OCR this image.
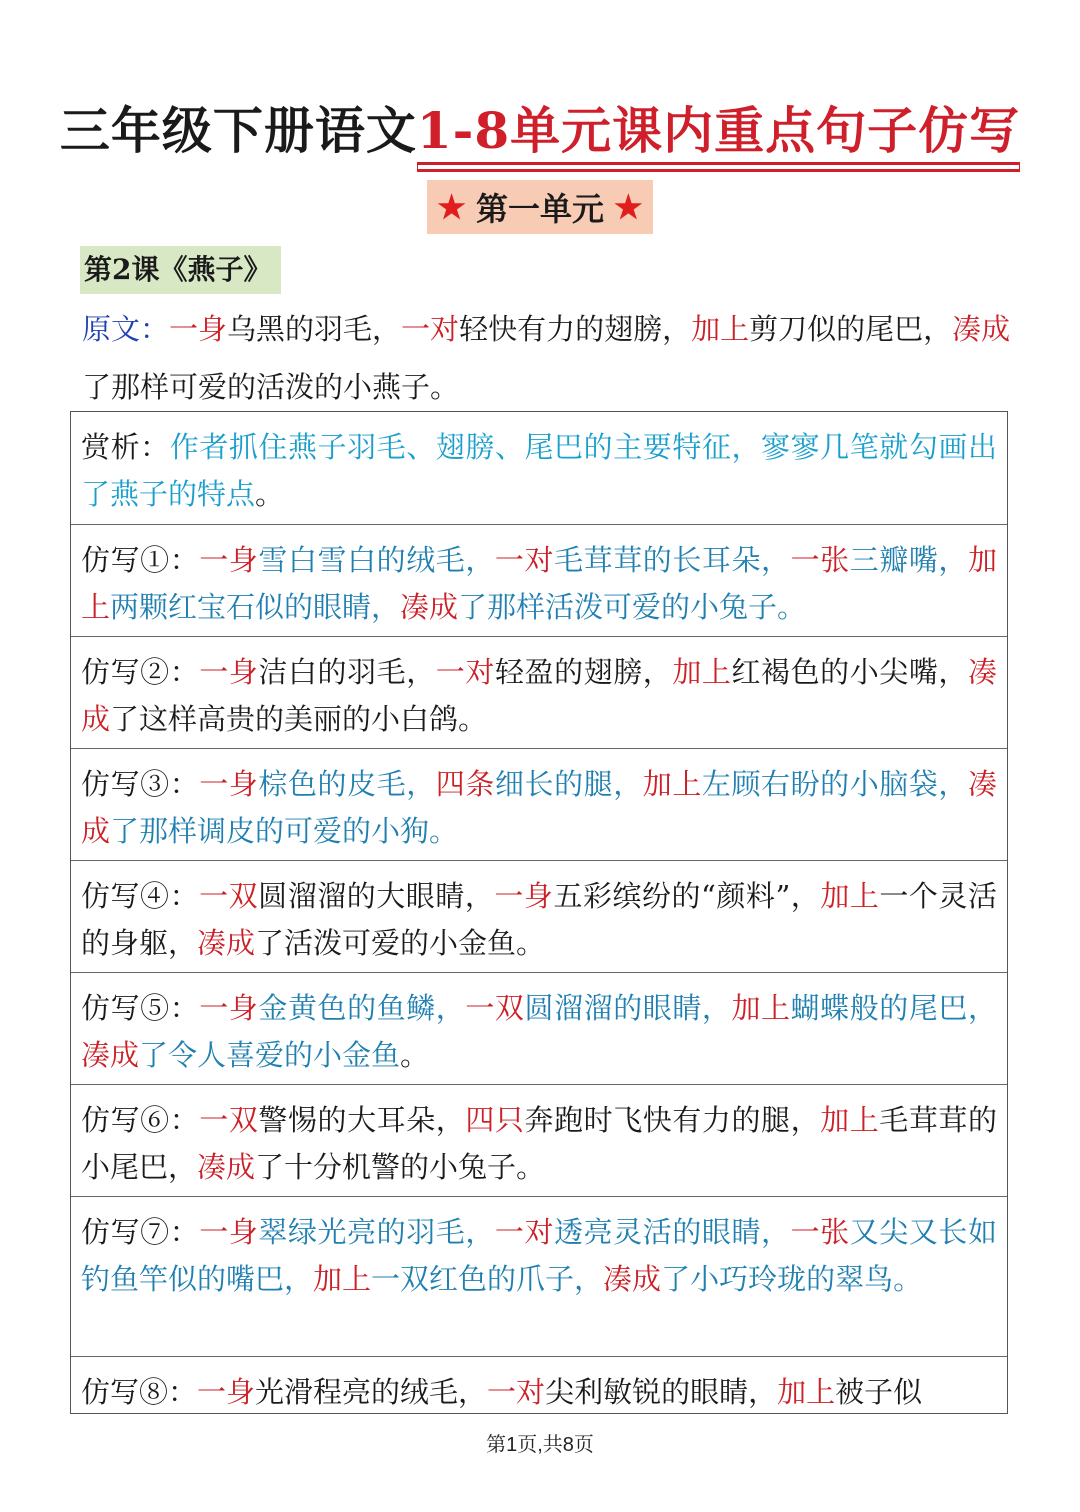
三年级下册语文1-8单元课内重点句子仿写
★ 第一单元 ★
第2课《燕子》
原文：一身乌黑的羽毛，一对轻快有力的翅膀，加上剪刀似的尾巴，凑成了那样可爱的活泼的小燕子。
赏析：作者抓住燕子羽毛、翅膀、尾巴的主要特征，寥寥几笔就勾画出了燕子的特点。
仿写①：一身雪白雪白的绒毛，一对毛茸茸的长耳朵，一张三瓣嘴，加上两颗红宝石似的眼睛，凑成了那样活泼可爱的小兔子。
仿写②：一身洁白的羽毛，一对轻盈的翅膀，加上红褐色的小尖嘴，凑成了这样高贵的美丽的小白鸽。
仿写③：一身棕色的皮毛，四条细长的腿，加上左顾右盼的小脑袋，凑成了那样调皮的可爱的小狗。
仿写④：一双圆溜溜的大眼睛，一身五彩缤纷的“颜料”，加上一个灵活的身躯，凑成了活泼可爱的小金鱼。
仿写⑤：一身金黄色的鱼鳞，一双圆溜溜的眼睛，加上蝴蝶般的尾巴，凑成了令人喜爱的小金鱼。
仿写⑥：一双警惕的大耳朵，四只奔跑时飞快有力的腿，加上毛茸茸的小尾巴，凑成了十分机警的小兔子。
仿写⑦：一身翠绿光亮的羽毛，一对透亮灵活的眼睛，一张又尖又长如钓鱼竿似的嘴巴，加上一双红色的爪子，凑成了小巧玲珑的翠鸟。
仿写⑧：一身光滑程亮的绒毛，一对尖利敏锐的眼睛，加上被子似
第1页,共8页
